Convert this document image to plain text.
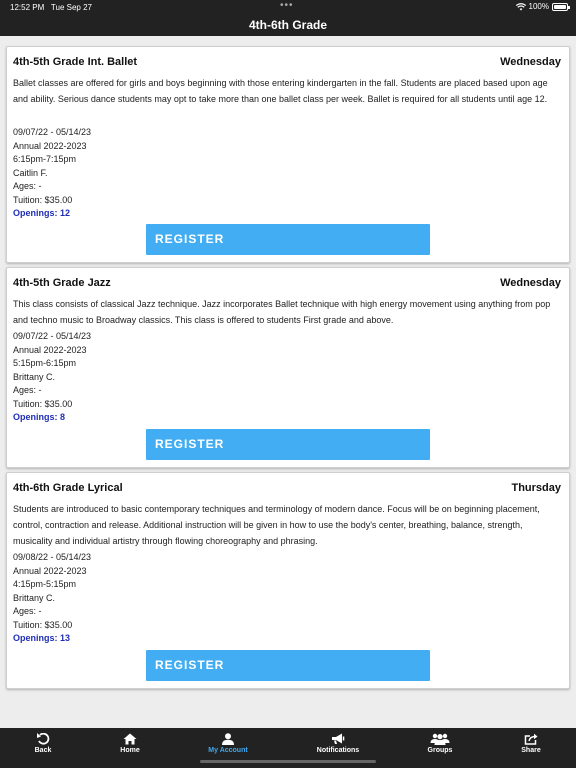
12:52 PM Tue Sep 27	•••	100%
4th-6th Grade
4th-5th Grade Int. Ballet	Wednesday
Ballet classes are offered for girls and boys beginning with those entering kindergarten in the fall. Students are placed based upon age and ability. Serious dance students may opt to take more than one ballet class per week. Ballet is required for all students until age 12.
09/07/22 - 05/14/23
Annual 2022-2023
6:15pm-7:15pm
Caitlin F.
Ages: -
Tuition: $35.00
Openings: 12
REGISTER
4th-5th Grade Jazz	Wednesday
This class consists of classical Jazz technique. Jazz incorporates Ballet technique with high energy movement using anything from pop and techno music to Broadway classics. This class is offered to students First grade and above.
09/07/22 - 05/14/23
Annual 2022-2023
5:15pm-6:15pm
Brittany C.
Ages: -
Tuition: $35.00
Openings: 8
REGISTER
4th-6th Grade Lyrical	Thursday
Students are introduced to basic contemporary techniques and terminology of modern dance. Focus will be on beginning placement, control, contraction and release. Additional instruction will be given in how to use the body's center, breathing, balance, strength, musicality and individual artistry through flowing choreography and phrasing.
09/08/22 - 05/14/23
Annual 2022-2023
4:15pm-5:15pm
Brittany C.
Ages: -
Tuition: $35.00
Openings: 13
REGISTER
Back	Home	My Account	Notifications	Groups	Share
